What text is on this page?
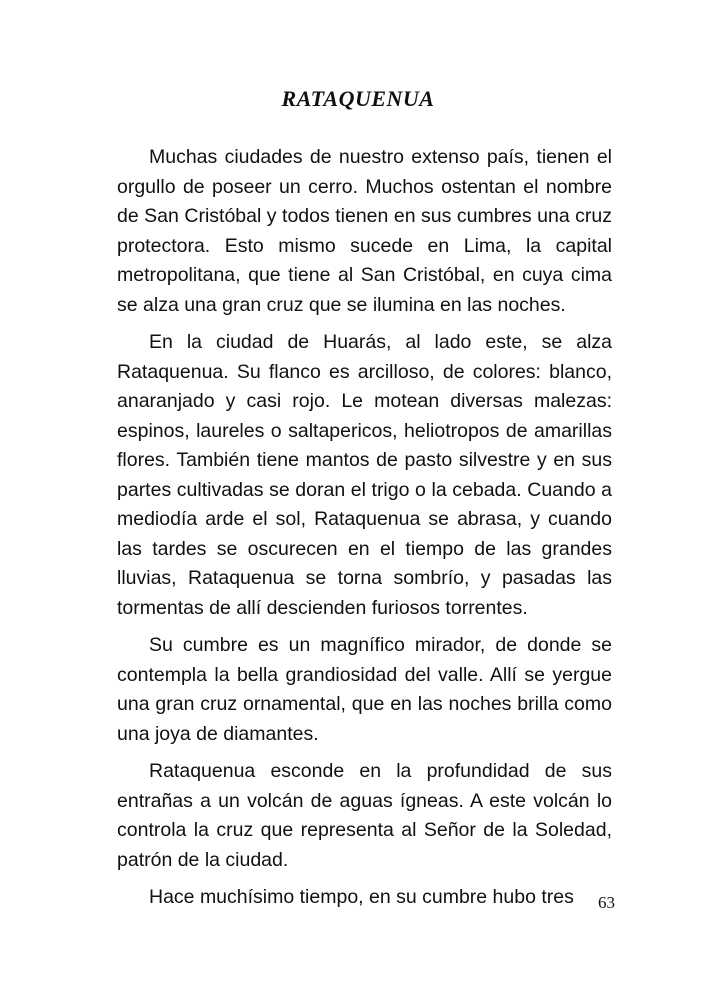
RATAQUENUA

Muchas ciudades de nuestro extenso país, tienen el orgullo de poseer un cerro. Muchos ostentan el nombre de San Cristóbal y todos tienen en sus cumbres una cruz protectora. Esto mismo sucede en Lima, la capital metropolitana, que tiene al San Cristóbal, en cuya cima se alza una gran cruz que se ilumina en las noches.

En la ciudad de Huarás, al lado este, se alza Rataquenua. Su flanco es arcilloso, de colores: blanco, anaranjado y casi rojo. Le motean diversas malezas: espinos, laureles o saltapericos, heliotropos de amarillas flores. También tiene mantos de pasto silvestre y en sus partes cultivadas se doran el trigo o la cebada. Cuando a mediodía arde el sol, Rataquenua se abrasa, y cuando las tardes se oscurecen en el tiempo de las grandes lluvias, Rataquenua se torna sombrío, y pasadas las tormentas de allí descienden furiosos torrentes.

Su cumbre es un magnífico mirador, de donde se contempla la bella grandiosidad del valle. Allí se yergue una gran cruz ornamental, que en las noches brilla como una joya de diamantes.

Rataquenua esconde en la profundidad de sus entrañas a un volcán de aguas ígneas. A este volcán lo controla la cruz que representa al Señor de la Soledad, patrón de la ciudad.

Hace muchísimo tiempo, en su cumbre hubo tres	63
